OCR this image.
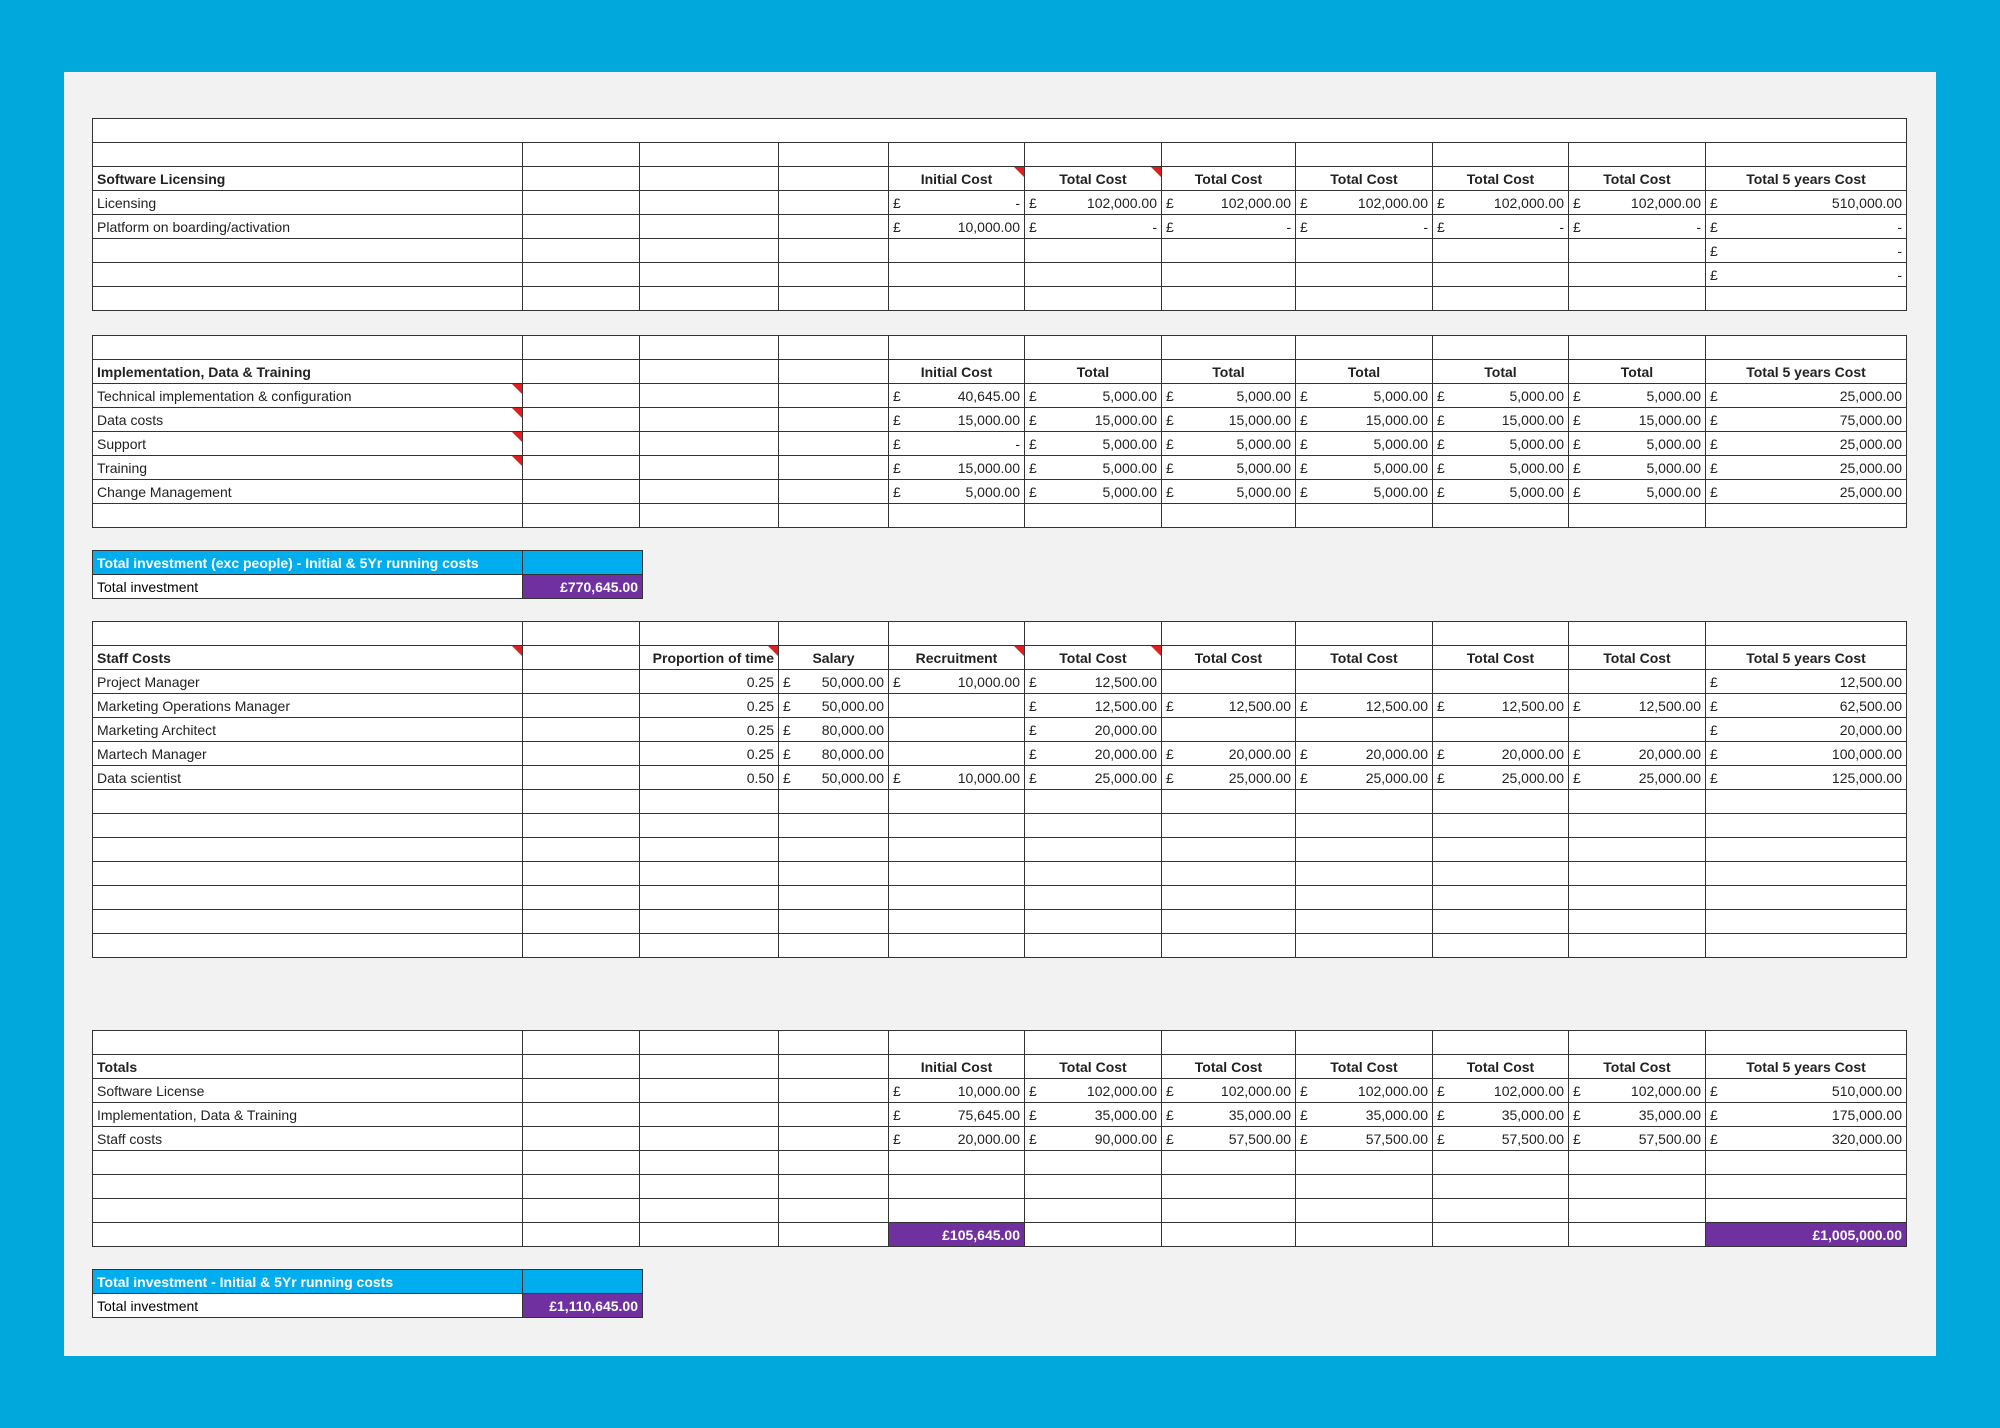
Costs										
					Y1	Y2	Y3	Y4	Y5	Total
Software Licensing				Initial Cost	Total Cost	Total Cost	Total Cost	Total Cost	Total Cost	Total 5 years Cost
Licensing				£ -	£ 102,000.00	£ 102,000.00	£ 102,000.00	£ 102,000.00	£ 102,000.00	£ 510,000.00

Platform on boarding/activation				£ 10,000.00	£ -	£ -	£ -	£ -	£ -	£ -

										£ -

										£ -

Total				£ 10,000.00	£ 102,000.00	£ 102,000.00	£ 102,000.00	£ 102,000.00	£ 102,000.00	£ 510,000.00
					Y1	Y2	Y3	Y4	Y5	Total
Implementation, Data & Training				Initial Cost	Total	Total	Total	Total	Total	Total 5 years Cost
Technical implementation & configuration				£ 40,645.00	£ 5,000.00	£ 5,000.00	£ 5,000.00	£ 5,000.00	£ 5,000.00	£ 25,000.00

Data costs				£ 15,000.00	£ 15,000.00	£ 15,000.00	£ 15,000.00	£ 15,000.00	£ 15,000.00	£ 75,000.00

Support				£ -	£ 5,000.00	£ 5,000.00	£ 5,000.00	£ 5,000.00	£ 5,000.00	£ 25,000.00

Training				£ 15,000.00	£ 5,000.00	£ 5,000.00	£ 5,000.00	£ 5,000.00	£ 5,000.00	£ 25,000.00

Change Management				£ 5,000.00	£ 5,000.00	£ 5,000.00	£ 5,000.00	£ 5,000.00	£ 5,000.00	£ 25,000.00

Total				£ 75,645.00	£ 35,000.00	£ 35,000.00	£ 35,000.00	£ 35,000.00	£ 35,000.00	£ 175,000.00
Total investment (exc people) - Initial & 5Yr running costs	
Total investment	£770,645.00
					Y1	Y2	Y3	Y4	Y5	Total
Staff Costs		Proportion of time	Salary	Recruitment	Total Cost	Total Cost	Total Cost	Total Cost	Total Cost	Total 5 years Cost
Project Manager		0.25	£ 50,000.00	£ 10,000.00	£ 12,500.00					£ 12,500.00

Marketing Operations Manager		0.25	£ 50,000.00		£ 12,500.00	£ 12,500.00	£ 12,500.00	£ 12,500.00	£ 12,500.00	£ 62,500.00

Marketing Architect		0.25	£ 80,000.00		£ 20,000.00					£ 20,000.00

Martech Manager		0.25	£ 80,000.00		£ 20,000.00	£ 20,000.00	£ 20,000.00	£ 20,000.00	£ 20,000.00	£ 100,000.00

Data scientist		0.50	£ 50,000.00	£ 10,000.00	£ 25,000.00	£ 25,000.00	£ 25,000.00	£ 25,000.00	£ 25,000.00	£ 125,000.00

Total				£20,000.00	£90,000.00	£57,500.00	£57,500.00	£57,500.00	£57,500.00	£320,000.00
					Y1	Y2	Y3	Y4	Y5	Total
Totals				Initial Cost	Total Cost	Total Cost	Total Cost	Total Cost	Total Cost	Total 5 years Cost
Software License				£ 10,000.00	£ 102,000.00	£ 102,000.00	£ 102,000.00	£ 102,000.00	£ 102,000.00	£ 510,000.00

Implementation, Data & Training				£ 75,645.00	£ 35,000.00	£ 35,000.00	£ 35,000.00	£ 35,000.00	£ 35,000.00	£ 175,000.00

Staff costs				£ 20,000.00	£ 90,000.00	£ 57,500.00	£ 57,500.00	£ 57,500.00	£ 57,500.00	£ 320,000.00

Total				£105,645.00	£227,000.00	£194,500.00	£194,500.00	£194,500.00	£194,500.00	£1,005,000.00
Total investment - Initial & 5Yr running costs	
Total investment	£1,110,645.00
